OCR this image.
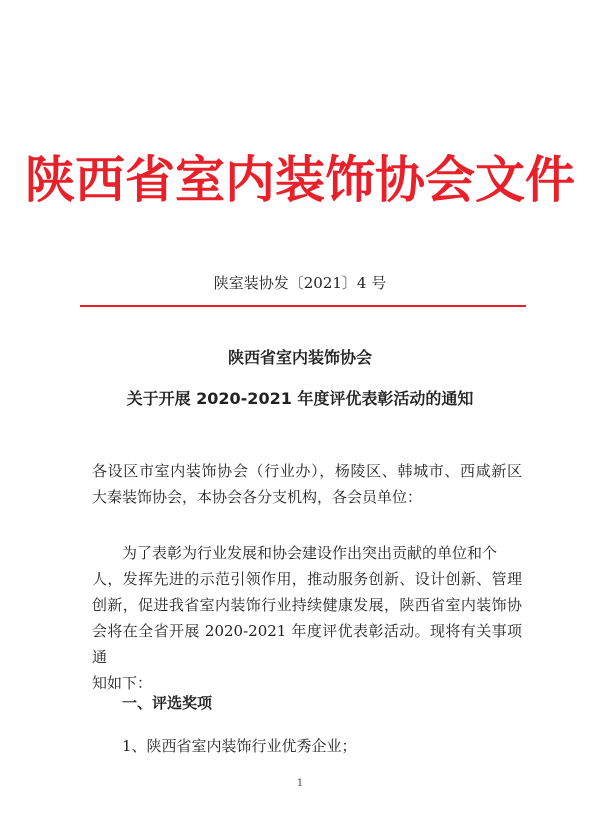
陕西省室内装饰协会文件
陕室装协发〔2021〕4 号
陕西省室内装饰协会
关于开展 2020-2021 年度评优表彰活动的通知
各设区市室内装饰协会（行业办），杨陵区、韩城市、西咸新区
大秦装饰协会，本协会各分支机构，各会员单位：
为了表彰为行业发展和协会建设作出突出贡献的单位和个
人，发挥先进的示范引领作用，推动服务创新、设计创新、管理
创新，促进我省室内装饰行业持续健康发展，陕西省室内装饰协
会将在全省开展 2020-2021 年度评优表彰活动。现将有关事项通
知如下：
一、评选奖项
1、陕西省室内装饰行业优秀企业；
1
